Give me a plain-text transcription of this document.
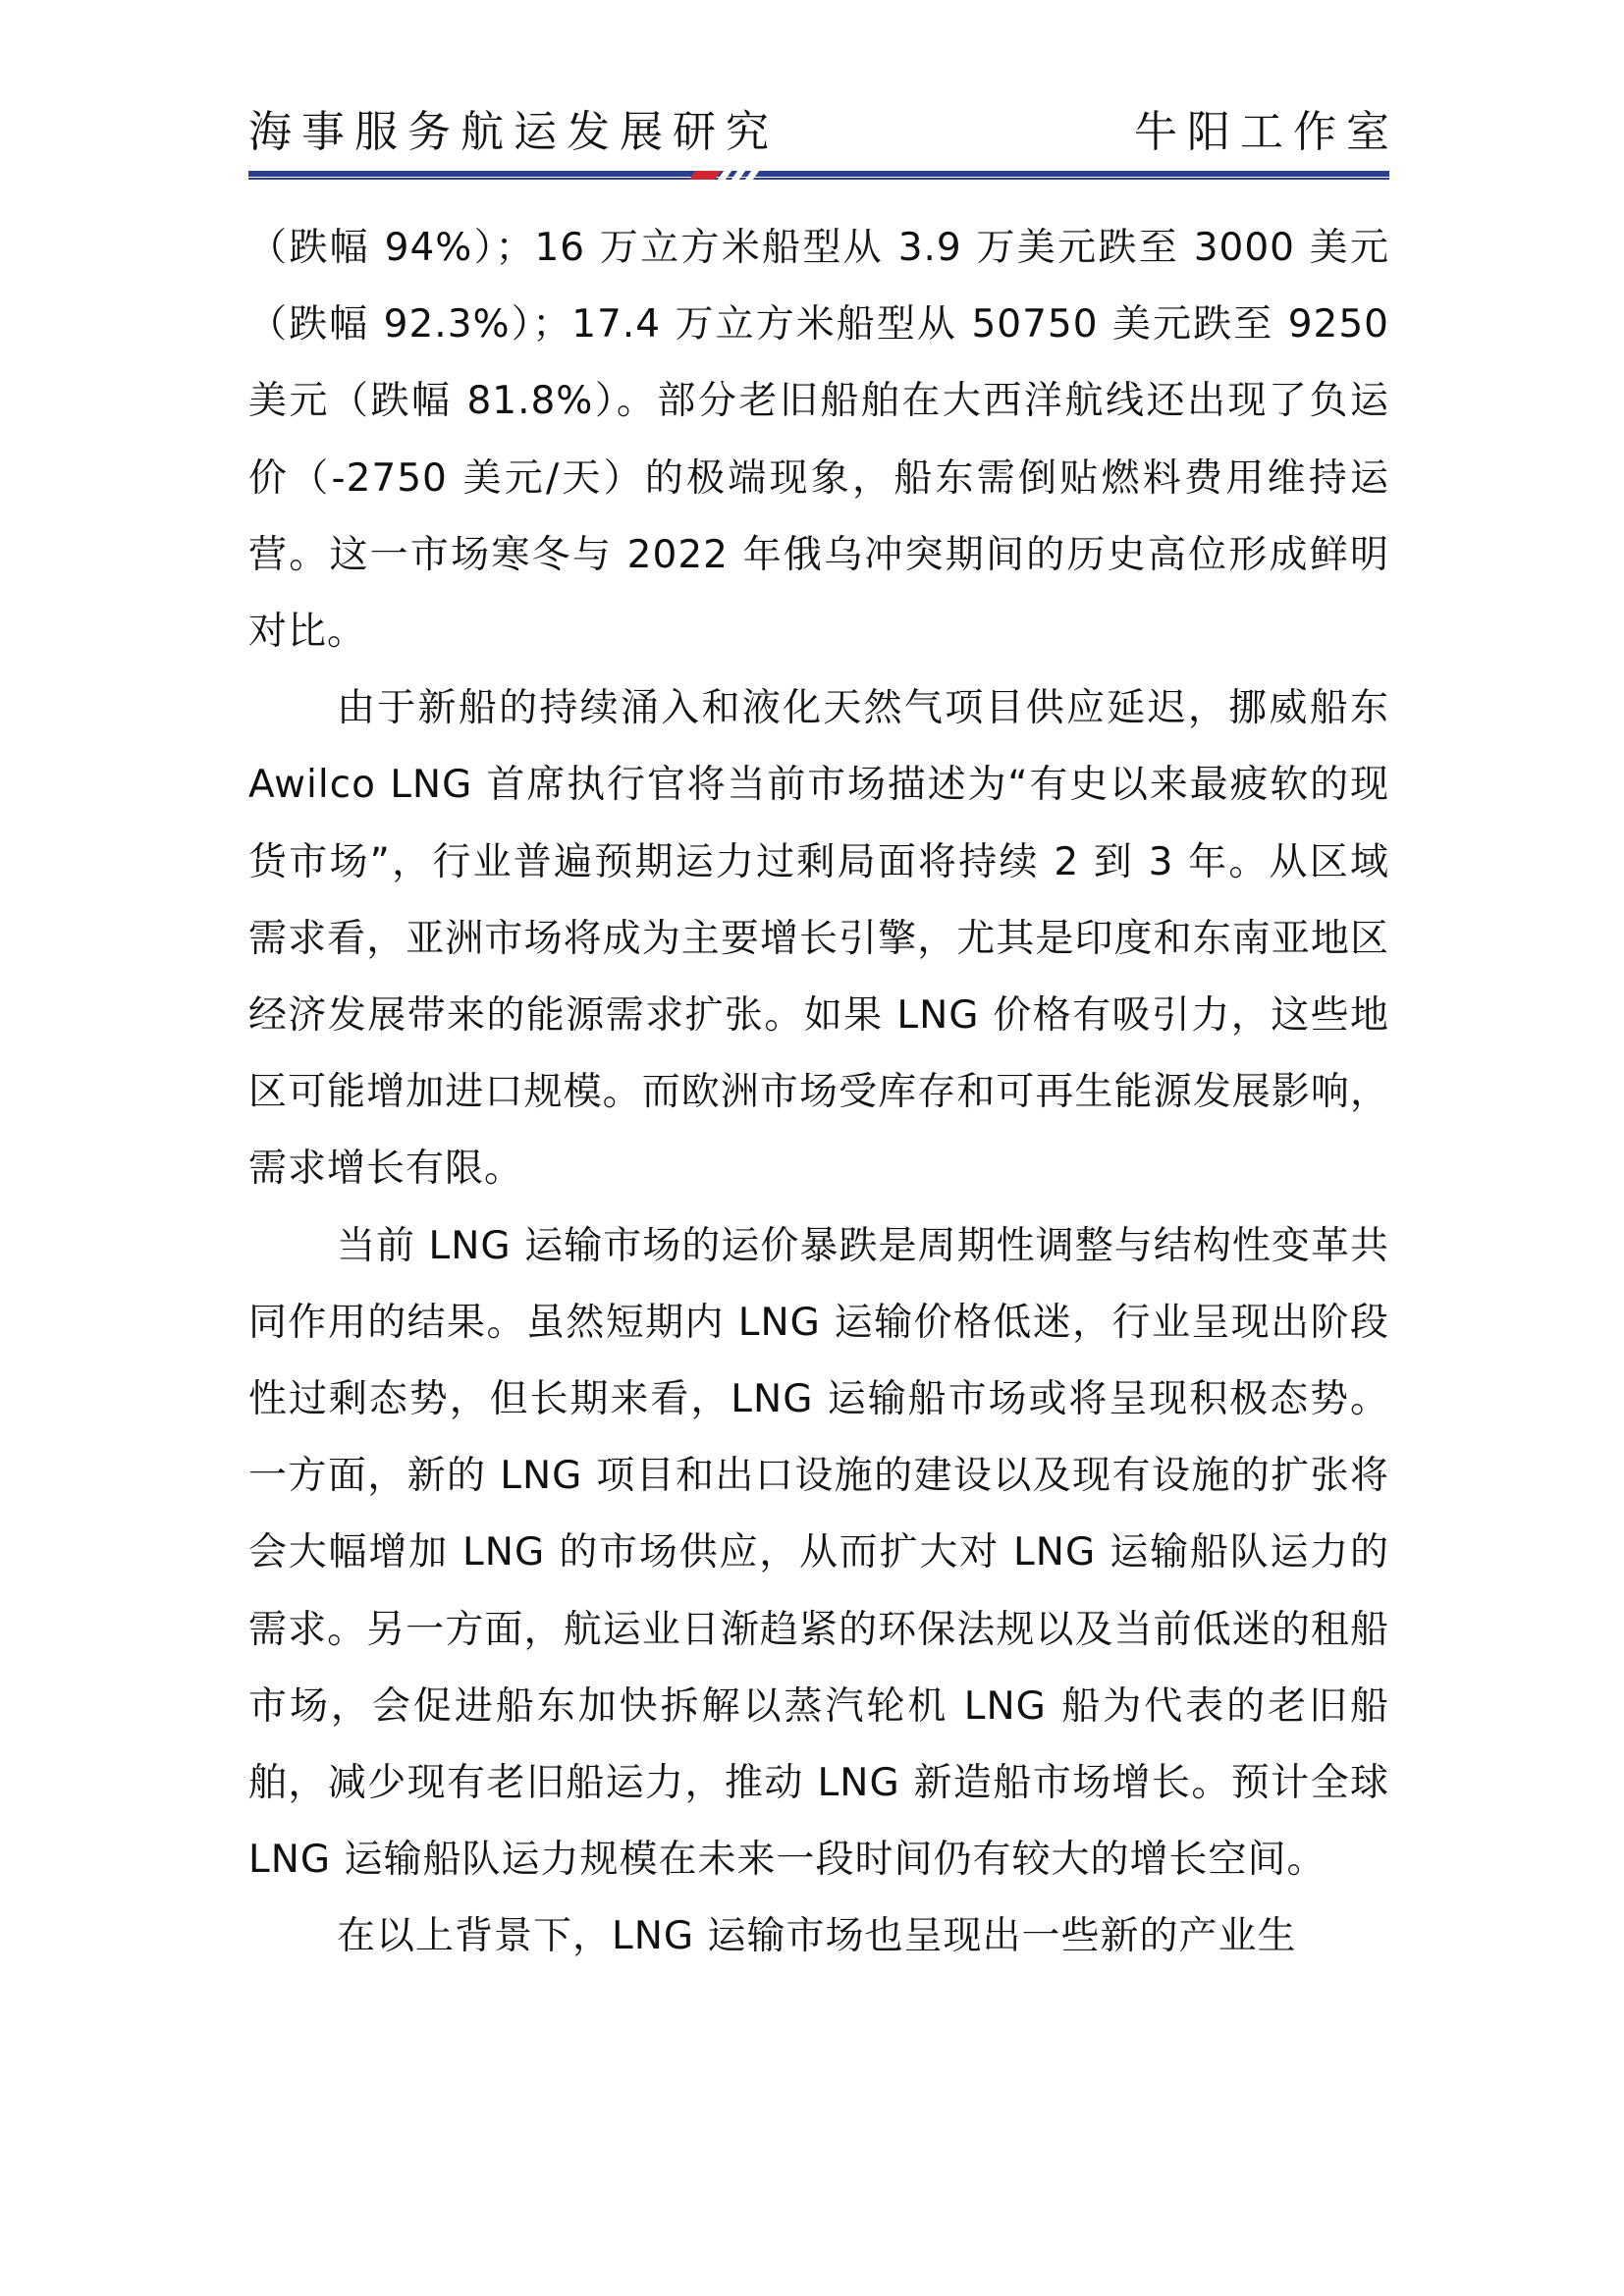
海事服务航运发展研究	牛阳工作室

（跌幅 94%）；16 万立方米船型从 3.9 万美元跌至 3000 美元（跌幅 92.3%）；17.4 万立方米船型从 50750 美元跌至 9250 美元（跌幅 81.8%）。部分老旧船舶在大西洋航线还出现了负运价（-2750 美元/天）的极端现象，船东需倒贴燃料费用维持运营。这一市场寒冬与 2022 年俄乌冲突期间的历史高位形成鲜明对比。

由于新船的持续涌入和液化天然气项目供应延迟，挪威船东 Awilco LNG 首席执行官将当前市场描述为“有史以来最疲软的现货市场”，行业普遍预期运力过剩局面将持续 2 到 3 年。从区域需求看，亚洲市场将成为主要增长引擎，尤其是印度和东南亚地区经济发展带来的能源需求扩张。如果 LNG 价格有吸引力，这些地区可能增加进口规模。而欧洲市场受库存和可再生能源发展影响，需求增长有限。

当前 LNG 运输市场的运价暴跌是周期性调整与结构性变革共同作用的结果。虽然短期内 LNG 运输价格低迷，行业呈现出阶段性过剩态势，但长期来看，LNG 运输船市场或将呈现积极态势。一方面，新的 LNG 项目和出口设施的建设以及现有设施的扩张将会大幅增加 LNG 的市场供应，从而扩大对 LNG 运输船队运力的需求。另一方面，航运业日渐趋紧的环保法规以及当前低迷的租船市场，会促进船东加快拆解以蒸汽轮机 LNG 船为代表的老旧船舶，减少现有老旧船运力，推动 LNG 新造船市场增长。预计全球 LNG 运输船队运力规模在未来一段时间仍有较大的增长空间。

在以上背景下，LNG 运输市场也呈现出一些新的产业生
